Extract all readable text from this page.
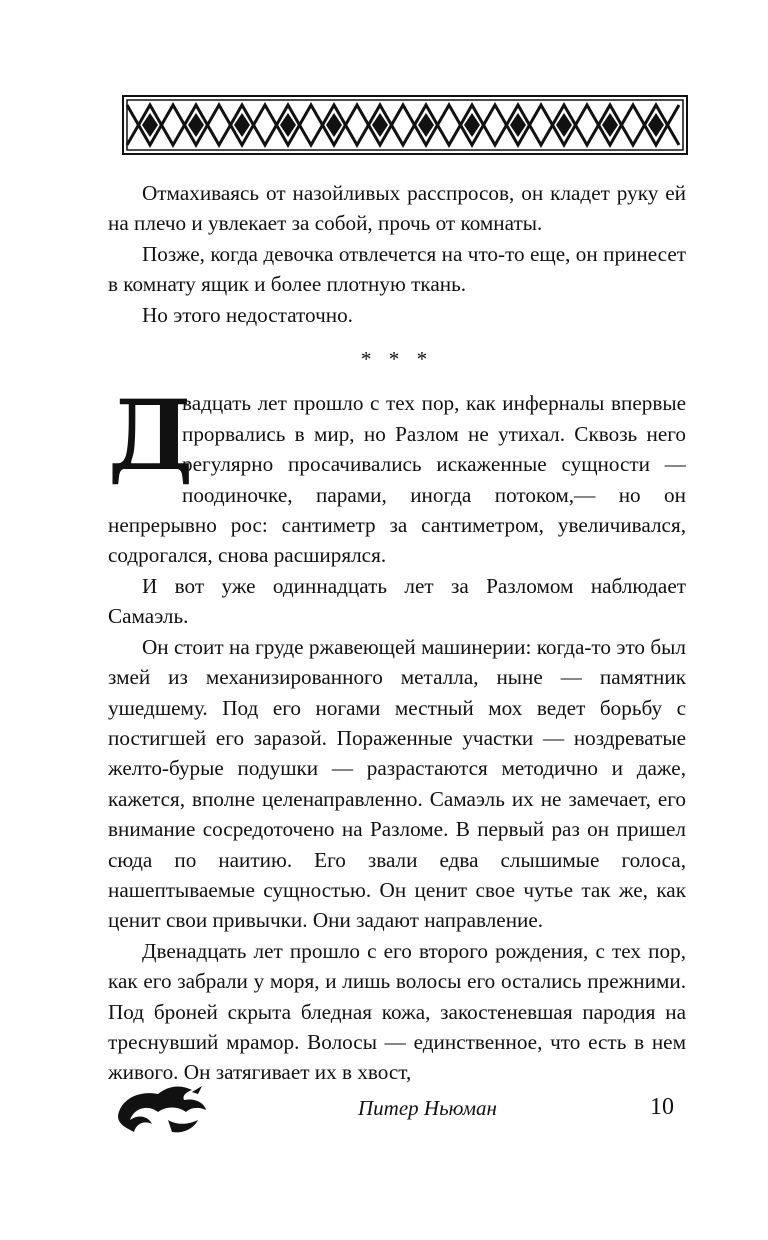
Отмахиваясь от назойливых расспросов, он кладет руку ей на плечо и увлекает за собой, прочь от комнаты.

Позже, когда девочка отвлечется на что-то еще, он принесет в комнату ящик и более плотную ткань.

Но этого недостаточно.

* * *

Д
вадцать лет прошло с тех пор, как инферналы впервые прорвались в мир, но Разлом не утихал. Сквозь него регулярно просачивались искаженные сущности — поодиночке, парами, иногда потоком,— но он непрерывно рос: сантиметр за сантиметром, увеличивался, содрогался, снова расширялся.

И вот уже одиннадцать лет за Разломом наблюдает Самаэль.

Он стоит на груде ржавеющей машинерии: когда-то это был змей из механизированного металла, ныне — памятник ушедшему. Под его ногами местный мох ведет борьбу с постигшей его заразой. Пораженные участки — ноздреватые желто-бурые подушки — разрастаются методично и даже, кажется, вполне целенаправленно. Самаэль их не замечает, его внимание сосредоточено на Разломе. В первый раз он пришел сюда по наитию. Его звали едва слышимые голоса, нашептываемые сущностью. Он ценит свое чутье так же, как ценит свои привычки. Они задают направление.

Двенадцать лет прошло с его второго рождения, с тех пор, как его забрали у моря, и лишь волосы его остались прежними. Под броней скрыта бледная кожа, закостеневшая пародия на треснувший мрамор. Волосы — единственное, что есть в нем живого. Он затягивает их в хвост,

Питер Ньюман	10
